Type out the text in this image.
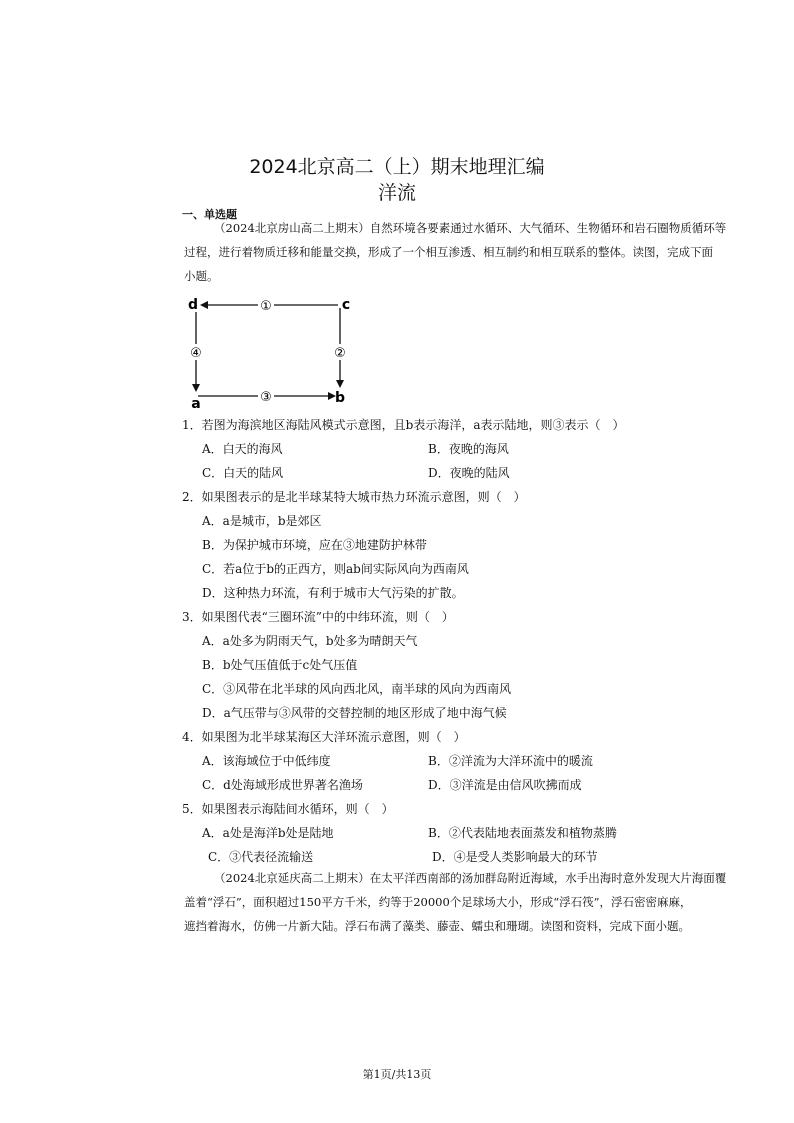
2024北京高二（上）期末地理汇编
洋流
一、单选题
（2024北京房山高二上期末）自然环境各要素通过水循环、大气循环、生物循环和岩石圈物质循环等
过程，进行着物质迁移和能量交换，形成了一个相互渗透、相互制约和相互联系的整体。读图，完成下面
小题。
①
②
③
④
d	c
a	b
1．若图为海滨地区海陆风模式示意图，且b表示海洋，a表示陆地，则③表示（　）
A．白天的海风	B．夜晚的海风
C．白天的陆风	D．夜晚的陆风
2．如果图表示的是北半球某特大城市热力环流示意图，则（　）
A．a是城市，b是郊区
B．为保护城市环境，应在③地建防护林带
C．若a位于b的正西方，则ab间实际风向为西南风
D．这种热力环流，有利于城市大气污染的扩散。
3．如果图代表“三圈环流”中的中纬环流，则（　）
A．a处多为阴雨天气，b处多为晴朗天气
B．b处气压值低于c处气压值
C．③风带在北半球的风向西北风，南半球的风向为西南风
D．a气压带与③风带的交替控制的地区形成了地中海气候
4．如果图为北半球某海区大洋环流示意图，则（　）
A．该海域位于中低纬度	B．②洋流为大洋环流中的暖流
C．d处海域形成世界著名渔场	D．③洋流是由信风吹拂而成
5．如果图表示海陆间水循环，则（　）
A．a处是海洋b处是陆地	B．②代表陆地表面蒸发和植物蒸腾
C．③代表径流输送	D．④是受人类影响最大的环节
（2024北京延庆高二上期末）在太平洋西南部的汤加群岛附近海域，水手出海时意外发现大片海面覆
盖着“浮石”，面积超过150平方千米，约等于20000个足球场大小，形成“浮石筏”，浮石密密麻麻，
遮挡着海水，仿佛一片新大陆。浮石布满了藻类、藤壶、蠕虫和珊瑚。读图和资料，完成下面小题。
第1页/共13页
